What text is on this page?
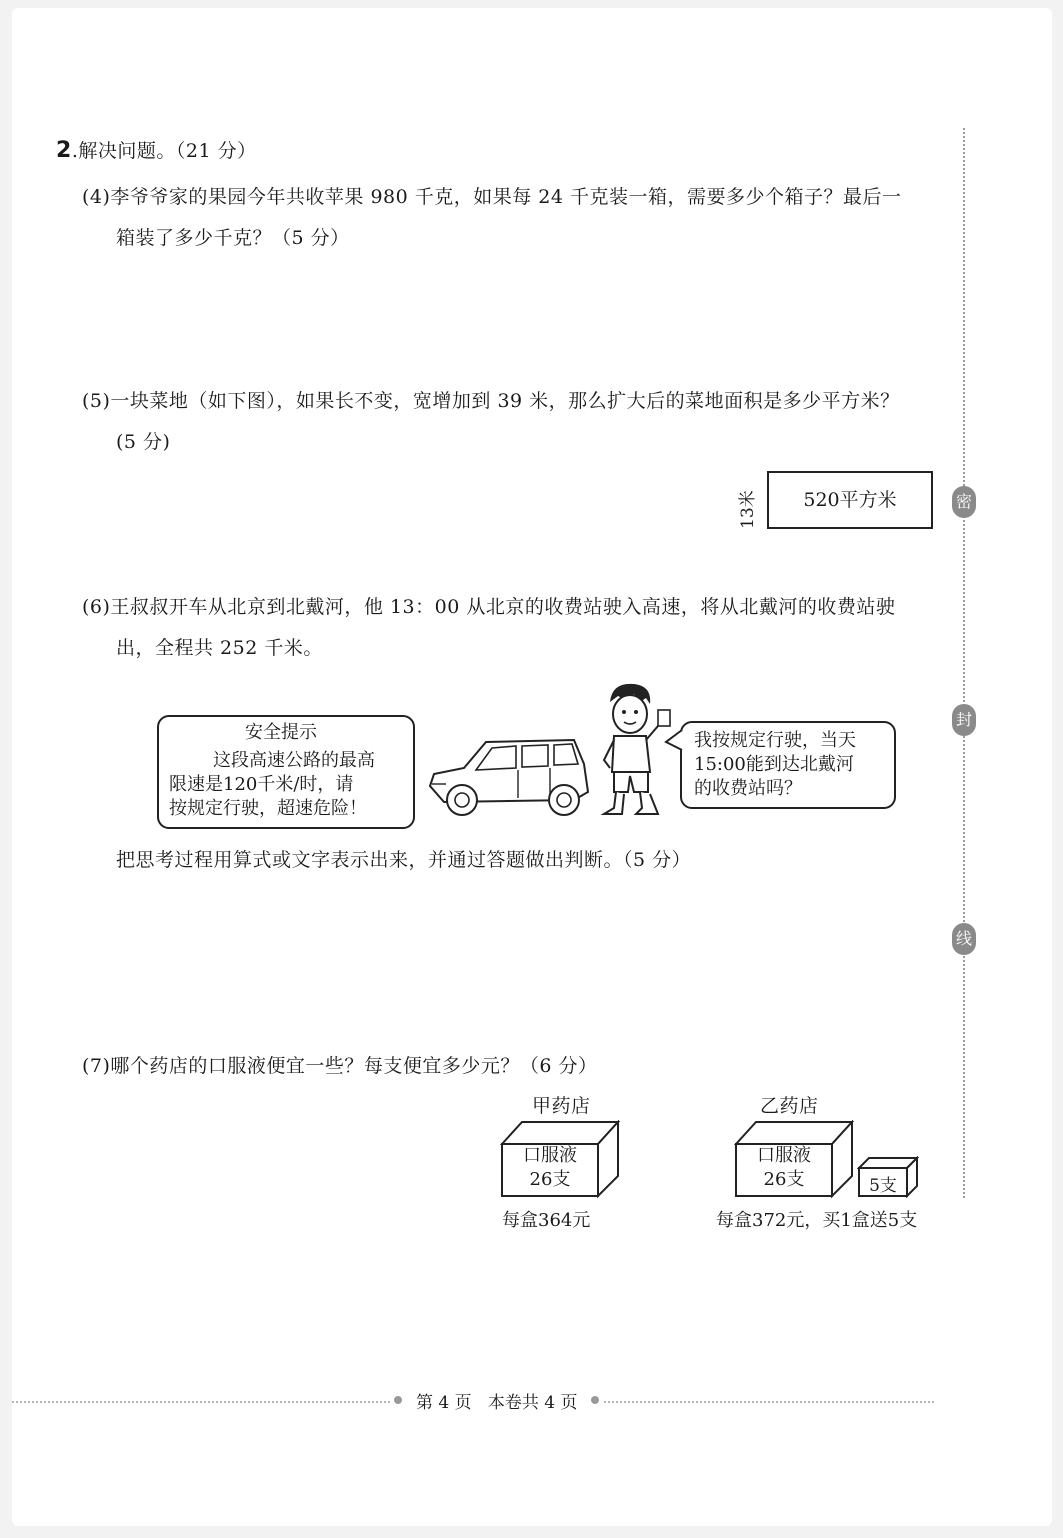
密
封
线
2.解决问题。（21 分）
(4)李爷爷家的果园今年共收苹果 980 千克，如果每 24 千克装一箱，需要多少个箱子？最后一
箱装了多少千克？（5 分）
(5)一块菜地（如下图），如果长不变，宽增加到 39 米，那么扩大后的菜地面积是多少平方米？
(5 分)
13米	520平方米
(6)王叔叔开车从北京到北戴河，他 13：00 从北京的收费站驶入高速，将从北戴河的收费站驶
出，全程共 252 千米。
安全提示
这段高速公路的最高
限速是120千米/时，请
按规定行驶，超速危险！
我按规定行驶，当天
15:00能到达北戴河
的收费站吗？
把思考过程用算式或文字表示出来，并通过答题做出判断。（5 分）
(7)哪个药店的口服液便宜一些？每支便宜多少元？（6 分）
甲药店
口服液
26支
每盒364元
乙药店
口服液
26支	5支
每盒372元，买1盒送5支
第 4 页 本卷共 4 页
